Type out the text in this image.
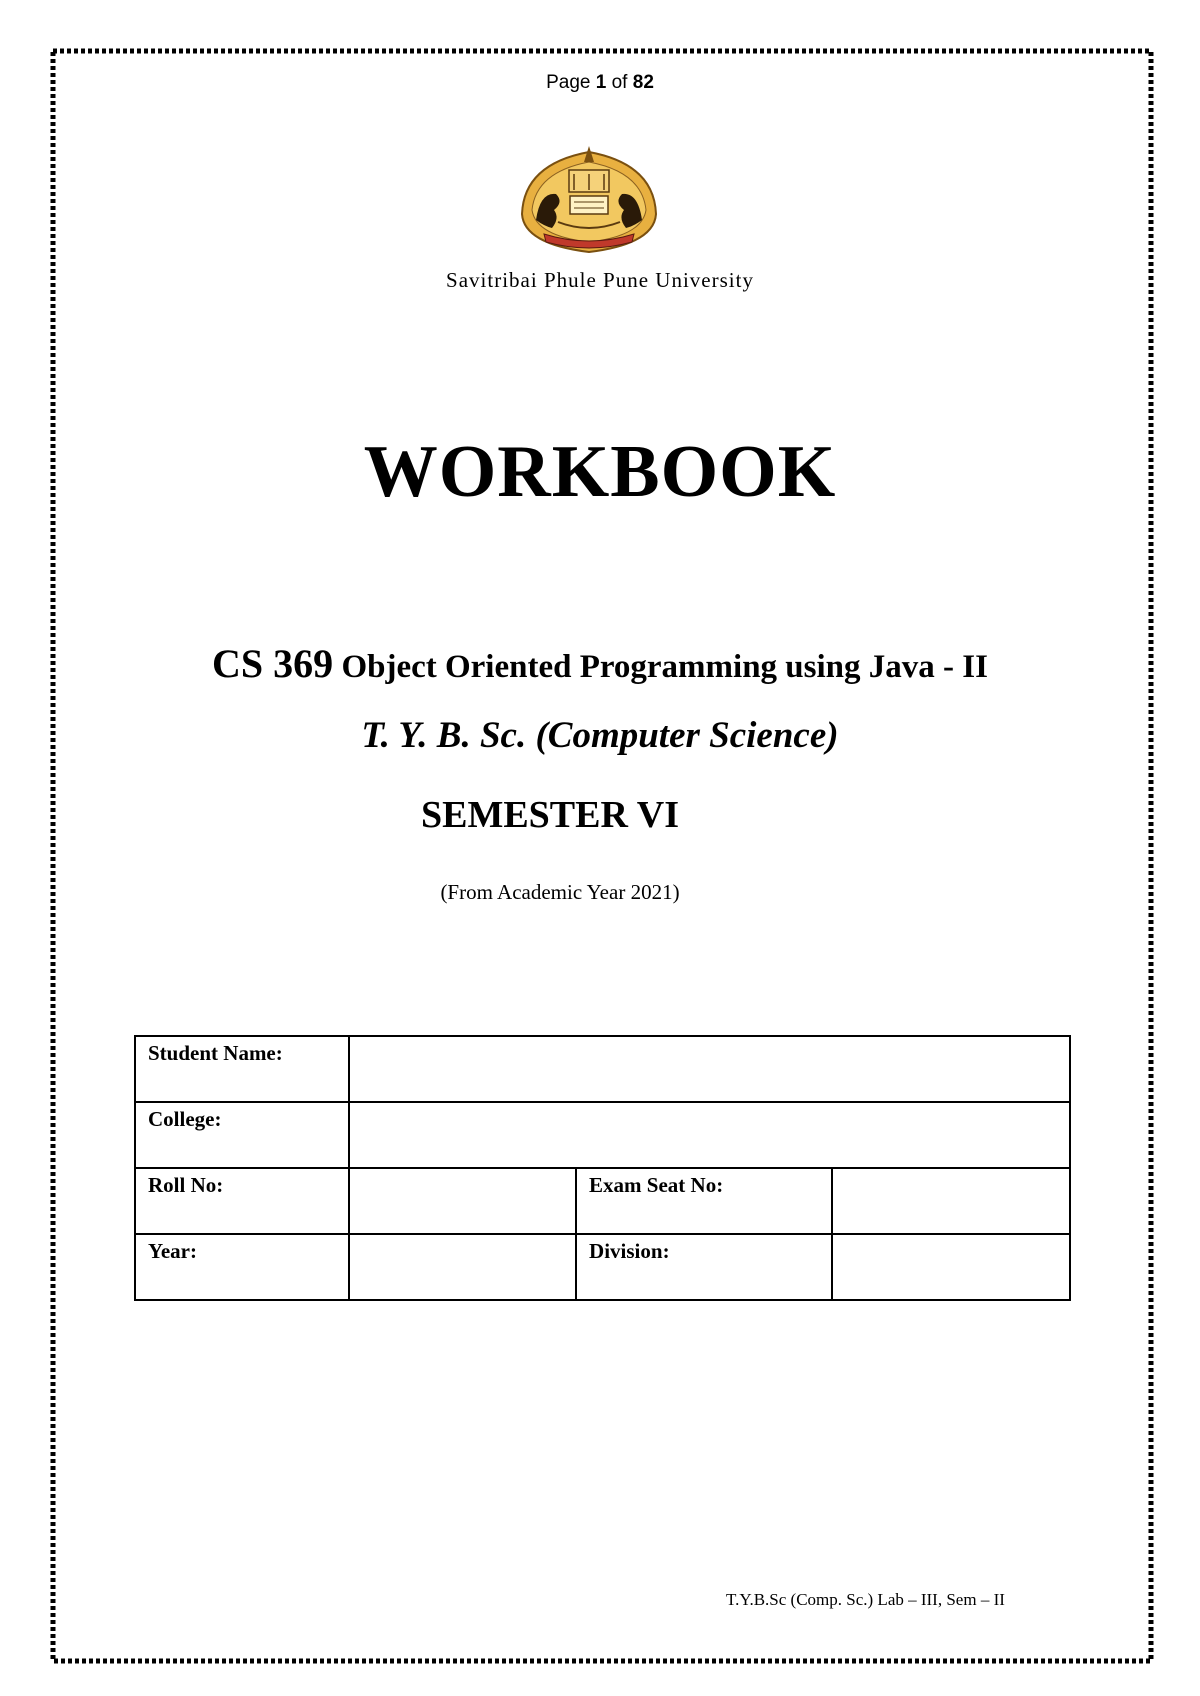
Page 1 of 82
Savitribai Phule Pune University
WORKBOOK
CS 369 Object Oriented Programming using Java - II
T. Y. B. Sc. (Computer Science)
SEMESTER VI
(From Academic Year 2021)
Student Name:			
College:			
Roll No:		Exam Seat No:	
Year:		Division:	
T.Y.B.Sc (Comp. Sc.) Lab – III, Sem – II
